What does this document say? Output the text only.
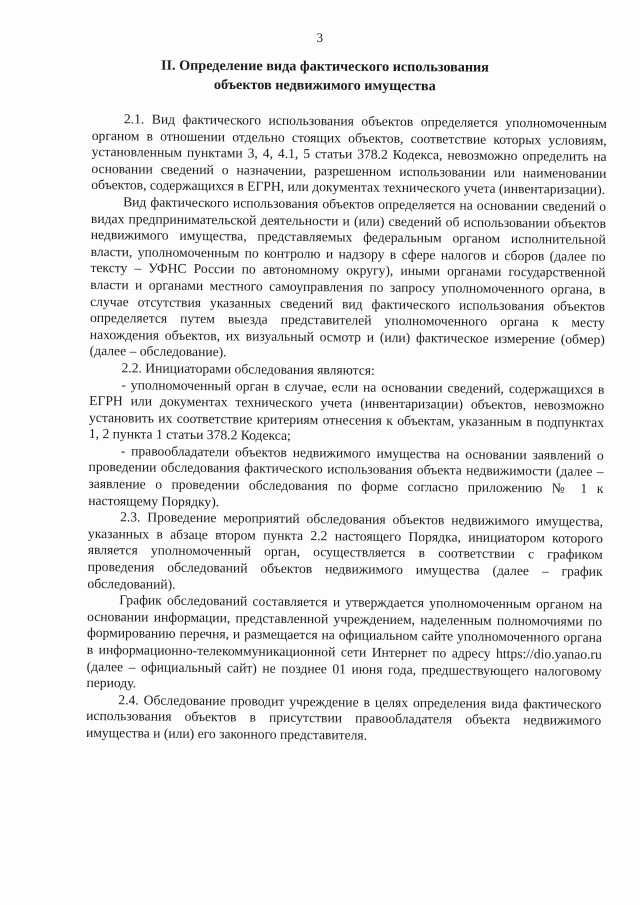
3
II. Определение вида фактического использования
объектов недвижимого имущества

2.1. Вид фактического использования объектов определяется уполномоченным органом в отношении отдельно стоящих объектов, соответствие которых условиям, установленным пунктами 3, 4, 4.1, 5 статьи 378.2 Кодекса, невозможно определить на основании сведений о назначении, разрешенном использовании или наименовании объектов, содержащихся в ЕГРН, или документах технического учета (инвентаризации).

Вид фактического использования объектов определяется на основании сведений о видах предпринимательской деятельности и (или) сведений об использовании объектов недвижимого имущества, представляемых федеральным органом исполнительной власти, уполномоченным по контролю и надзору в сфере налогов и сборов (далее по тексту – УФНС России по автономному округу), иными органами государственной власти и органами местного самоуправления по запросу уполномоченного органа, в случае отсутствия указанных сведений вид фактического использования объектов определяется путем выезда представителей уполномоченного органа к месту нахождения объектов, их визуальный осмотр и (или) фактическое измерение (обмер) (далее – обследование).

2.2. Инициаторами обследования являются:

- уполномоченный орган в случае, если на основании сведений, содержащихся в ЕГРН или документах технического учета (инвентаризации) объектов, невозможно установить их соответствие критериям отнесения к объектам, указанным в подпунктах 1, 2 пункта 1 статьи 378.2 Кодекса;

- правообладатели объектов недвижимого имущества на основании заявлений о проведении обследования фактического использования объекта недвижимости (далее – заявление о проведении обследования по форме согласно приложению № 1 к настоящему Порядку).

2.3. Проведение мероприятий обследования объектов недвижимого имущества, указанных в абзаце втором пункта 2.2 настоящего Порядка, инициатором которого является уполномоченный орган, осуществляется в соответствии с графиком проведения обследований объектов недвижимого имущества (далее – график обследований).

График обследований составляется и утверждается уполномоченным органом на основании информации, представленной учреждением, наделенным полномочиями по формированию перечня, и размещается на официальном сайте уполномоченного органа в информационно-телекоммуникационной сети Интернет по адресу https://dio.yanao.ru (далее – официальный сайт) не позднее 01 июня года, предшествующего налоговому периоду.

2.4. Обследование проводит учреждение в целях определения вида фактического использования объектов в присутствии правообладателя объекта недвижимого имущества и (или) его законного представителя.
